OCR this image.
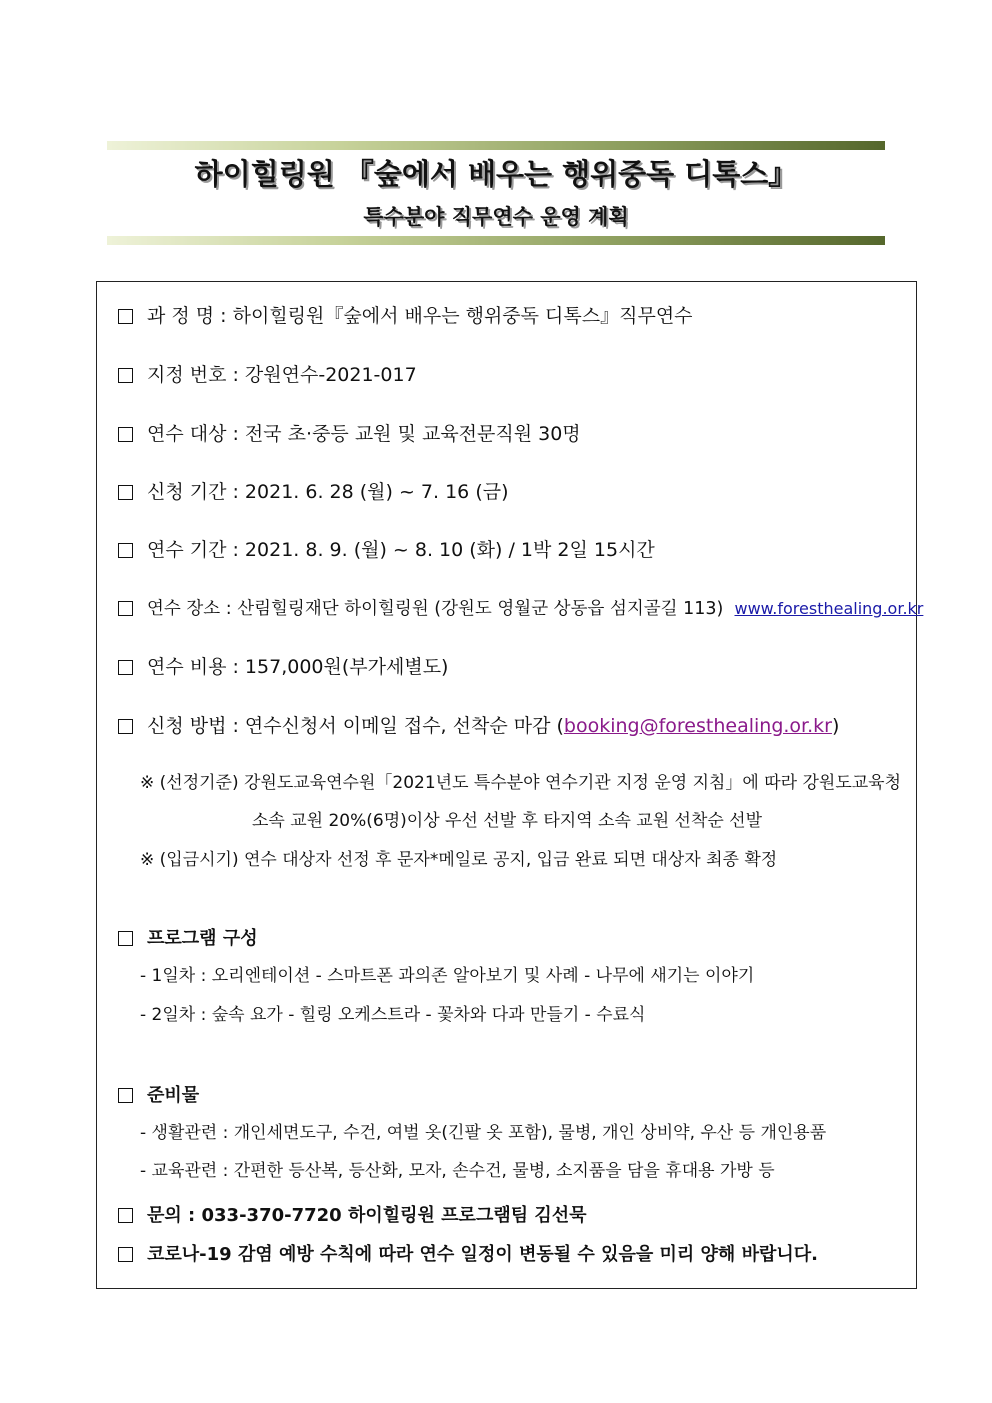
하이힐링원 『숲에서 배우는 행위중독 디톡스』
특수분야 직무연수 운영 계획
과 정 명 : 하이힐링원『숲에서 배우는 행위중독 디톡스』직무연수
지정 번호 : 강원연수-2021-017
연수 대상 : 전국 초·중등 교원 및 교육전문직원 30명
신청 기간 : 2021. 6. 28 (월) ~ 7. 16 (금)
연수 기간 : 2021. 8. 9. (월) ~ 8. 10 (화) / 1박 2일 15시간
연수 장소 : 산림힐링재단 하이힐링원 (강원도 영월군 상동읍 섬지골길 113) www.foresthealing.or.kr
연수 비용 : 157,000원(부가세별도)
신청 방법 : 연수신청서 이메일 접수, 선착순 마감 (booking@foresthealing.or.kr)
※ (선정기준) 강원도교육연수원「2021년도 특수분야 연수기관 지정 운영 지침」에 따라 강원도교육청
소속 교원 20%(6명)이상 우선 선발 후 타지역 소속 교원 선착순 선발
※ (입금시기) 연수 대상자 선정 후 문자*메일로 공지, 입금 완료 되면 대상자 최종 확정
프로그램 구성
- 1일차 : 오리엔테이션 - 스마트폰 과의존 알아보기 및 사례 - 나무에 새기는 이야기
- 2일차 : 숲속 요가 - 힐링 오케스트라 - 꽃차와 다과 만들기 - 수료식
준비물
- 생활관련 : 개인세면도구, 수건, 여벌 옷(긴팔 옷 포함), 물병, 개인 상비약, 우산 등 개인용품
- 교육관련 : 간편한 등산복, 등산화, 모자, 손수건, 물병, 소지품을 담을 휴대용 가방 등
문의 : 033-370-7720 하이힐링원 프로그램팀 김선묵
코로나-19 감염 예방 수칙에 따라 연수 일정이 변동될 수 있음을 미리 양해 바랍니다.
